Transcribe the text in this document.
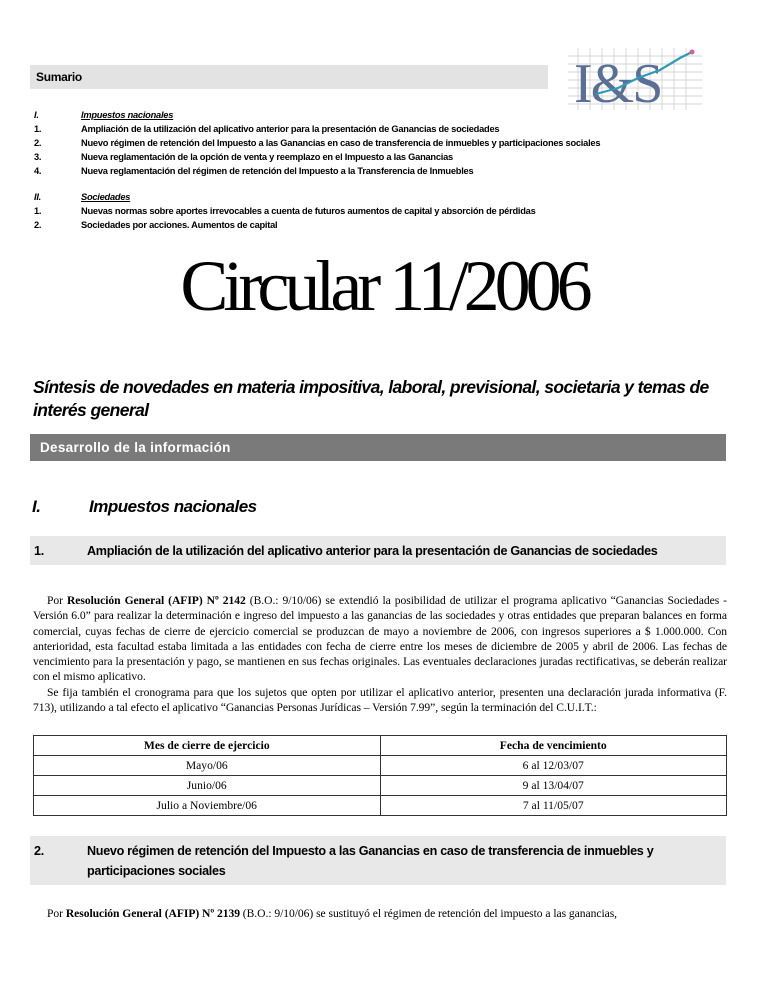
Sumario	I&S
I.	Impuestos nacionales
1.	Ampliación de la utilización del aplicativo anterior para la presentación de Ganancias de sociedades
2.	Nuevo régimen de retención del Impuesto a las Ganancias en caso de transferencia de inmuebles y participaciones sociales
3.	Nueva reglamentación de la opción de venta y reemplazo en el Impuesto a las Ganancias
4.	Nueva reglamentación del régimen de retención del Impuesto a la Transferencia de Inmuebles
II.	Sociedades
1.	Nuevas normas sobre aportes irrevocables a cuenta de futuros aumentos de capital y absorción de pérdidas
2.	Sociedades por acciones. Aumentos de capital
Circular 11/2006
Síntesis de novedades en materia impositiva, laboral, previsional, societaria y temas de interés general
Desarrollo de la información
I.	Impuestos nacionales
1.	Ampliación de la utilización del aplicativo anterior para la presentación de Ganancias de sociedades
Por Resolución General (AFIP) Nº 2142 (B.O.: 9/10/06) se extendió la posibilidad de utilizar el programa aplicativo “Ganancias Sociedades - Versión 6.0” para realizar la determinación e ingreso del impuesto a las ganancias de las sociedades y otras entidades que preparan balances en forma comercial, cuyas fechas de cierre de ejercicio comercial se produzcan de mayo a noviembre de 2006, con ingresos superiores a $ 1.000.000. Con anterioridad, esta facultad estaba limitada a las entidades con fecha de cierre entre los meses de diciembre de 2005 y abril de 2006. Las fechas de vencimiento para la presentación y pago, se mantienen en sus fechas originales. Las eventuales declaraciones juradas rectificativas, se deberán realizar con el mismo aplicativo.
Se fija también el cronograma para que los sujetos que opten por utilizar el aplicativo anterior, presenten una declaración jurada informativa (F. 713), utilizando a tal efecto el aplicativo “Ganancias Personas Jurídicas – Versión 7.99”, según la terminación del C.U.I.T.:
Mes de cierre de ejercicio	Fecha de vencimiento
Mayo/06	6 al 12/03/07
Junio/06	9 al 13/04/07
Julio a Noviembre/06	7 al 11/05/07
2.	Nuevo régimen de retención del Impuesto a las Ganancias en caso de transferencia de inmuebles y participaciones sociales
Por Resolución General (AFIP) Nº 2139 (B.O.: 9/10/06) se sustituyó el régimen de retención del impuesto a las ganancias,
